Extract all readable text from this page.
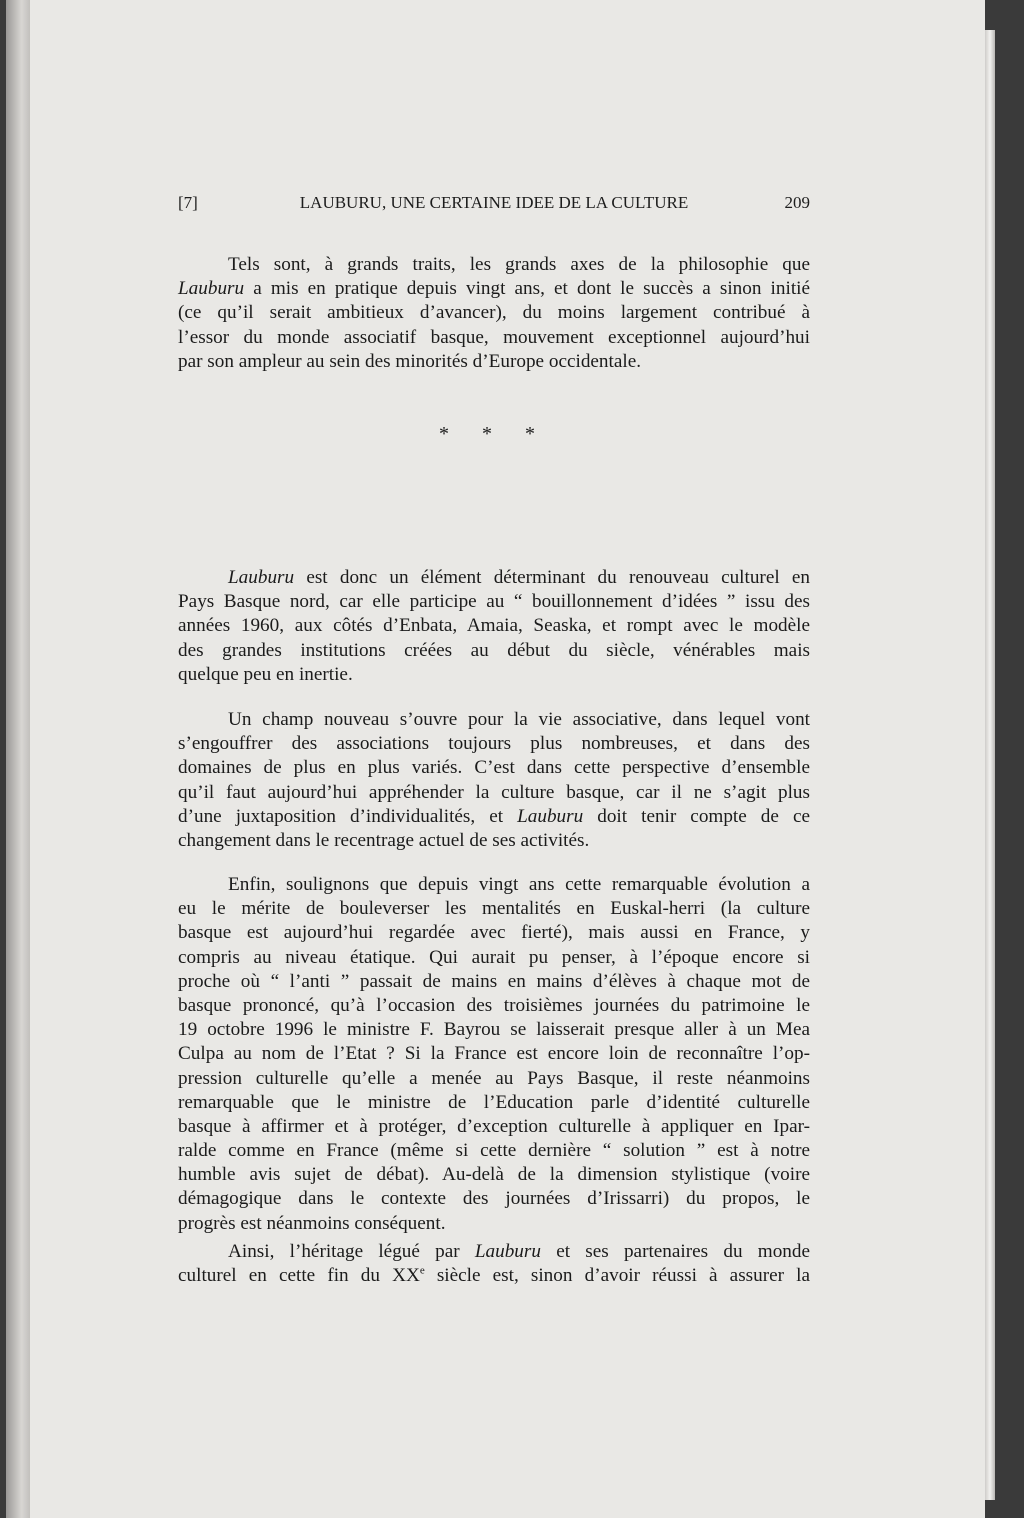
[7]	LAUBURU, UNE CERTAINE IDEE DE LA CULTURE	209
Tels sont, à grands traits, les grands axes de la philosophie que
Lauburu a mis en pratique depuis vingt ans, et dont le succès a sinon initié
(ce qu’il serait ambitieux d’avancer), du moins largement contribué à
l’essor du monde associatif basque, mouvement exceptionnel aujourd’hui
par son ampleur au sein des minorités d’Europe occidentale.
* * *
Lauburu est donc un élément déterminant du renouveau culturel en
Pays Basque nord, car elle participe au “ bouillonnement d’idées ” issu des
années 1960, aux côtés d’Enbata, Amaia, Seaska, et rompt avec le modèle
des grandes institutions créées au début du siècle, vénérables mais
quelque peu en inertie.
Un champ nouveau s’ouvre pour la vie associative, dans lequel vont
s’engouffrer des associations toujours plus nombreuses, et dans des
domaines de plus en plus variés. C’est dans cette perspective d’ensemble
qu’il faut aujourd’hui appréhender la culture basque, car il ne s’agit plus
d’une juxtaposition d’individualités, et Lauburu doit tenir compte de ce
changement dans le recentrage actuel de ses activités.
Enfin, soulignons que depuis vingt ans cette remarquable évolution a
eu le mérite de bouleverser les mentalités en Euskal-herri (la culture
basque est aujourd’hui regardée avec fierté), mais aussi en France, y
compris au niveau étatique. Qui aurait pu penser, à l’époque encore si
proche où “ l’anti ” passait de mains en mains d’élèves à chaque mot de
basque prononcé, qu’à l’occasion des troisièmes journées du patrimoine le
19 octobre 1996 le ministre F. Bayrou se laisserait presque aller à un Mea
Culpa au nom de l’Etat ? Si la France est encore loin de reconnaître l’op-
pression culturelle qu’elle a menée au Pays Basque, il reste néanmoins
remarquable que le ministre de l’Education parle d’identité culturelle
basque à affirmer et à protéger, d’exception culturelle à appliquer en Ipar-
ralde comme en France (même si cette dernière “ solution ” est à notre
humble avis sujet de débat). Au-delà de la dimension stylistique (voire
démagogique dans le contexte des journées d’Irissarri) du propos, le
progrès est néanmoins conséquent.
Ainsi, l’héritage légué par Lauburu et ses partenaires du monde
culturel en cette fin du XXe siècle est, sinon d’avoir réussi à assurer la
